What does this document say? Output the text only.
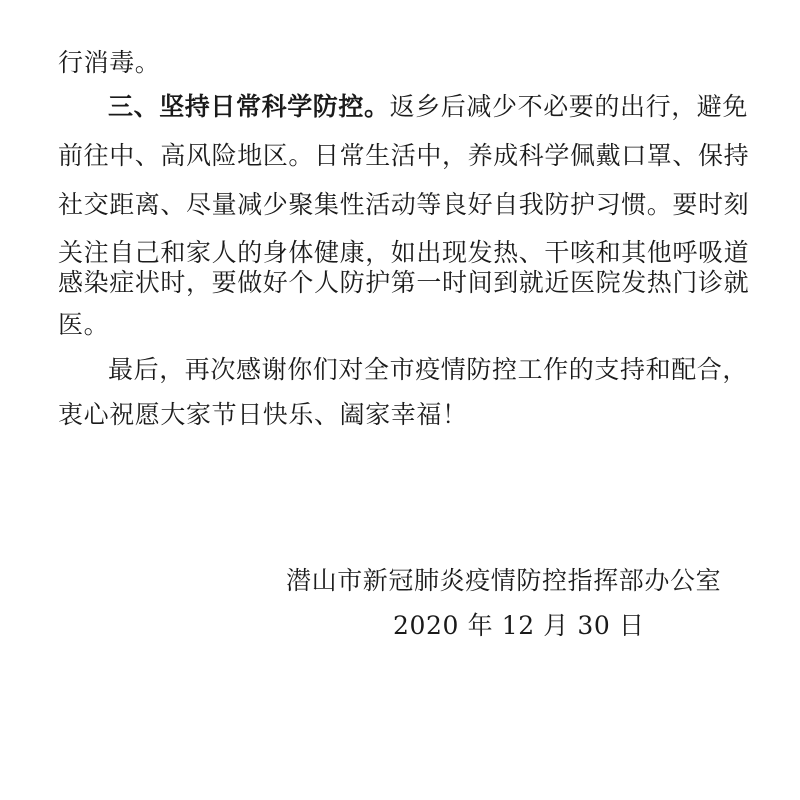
行消毒。
三、坚持日常科学防控。返乡后减少不必要的出行，避免
前往中、高风险地区。日常生活中，养成科学佩戴口罩、保持
社交距离、尽量减少聚集性活动等良好自我防护习惯。要时刻
关注自己和家人的身体健康，如出现发热、干咳和其他呼吸道
感染症状时，要做好个人防护第一时间到就近医院发热门诊就
医。
最后，再次感谢你们对全市疫情防控工作的支持和配合，
衷心祝愿大家节日快乐、阖家幸福！
潜山市新冠肺炎疫情防控指挥部办公室
2020 年 12 月 30 日
